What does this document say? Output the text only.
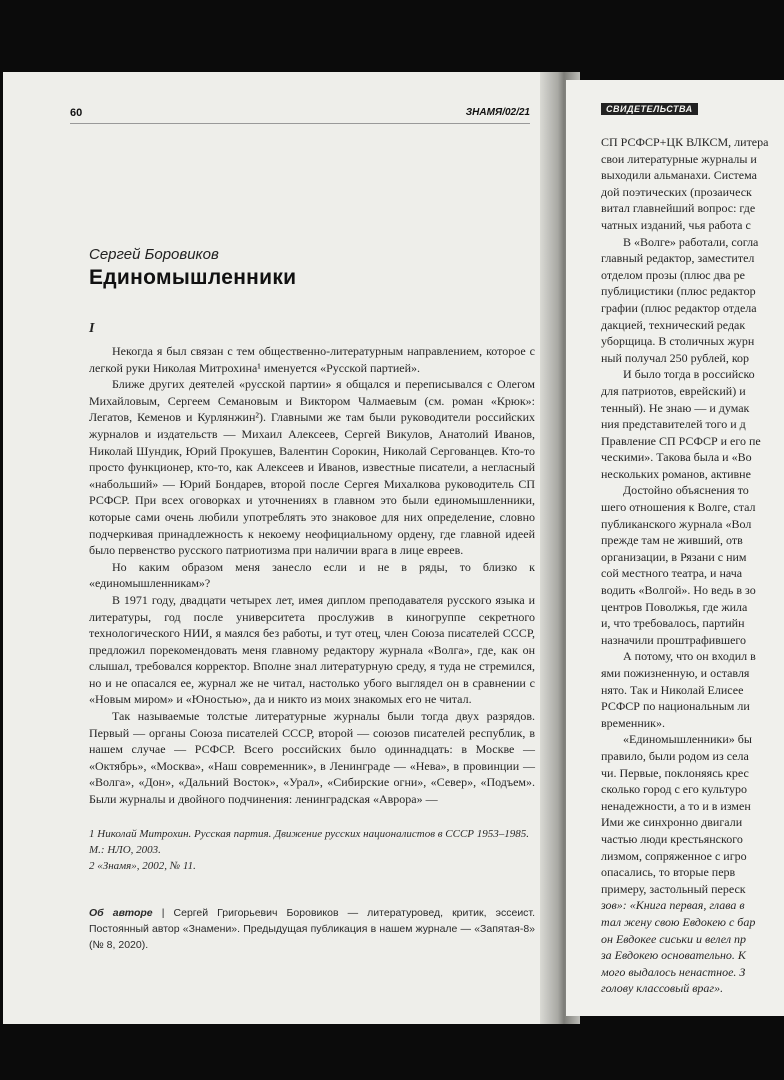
60	ЗНАМЯ/02/21
Сергей Боровиков
Единомышленники
I

Некогда я был связан с тем общественно-литературным направлением, которое с легкой руки Николая Митрохина¹ именуется «Русской партией».

Ближе других деятелей «русской партии» я общался и переписывался с Олегом Михайловым, Сергеем Семановым и Виктором Чалмаевым (см. роман «Крюк»: Легатов, Кеменов и Курлянжин²). Главными же там были руководители российских журналов и издательств — Михаил Алексеев, Сергей Викулов, Анатолий Иванов, Николай Шундик, Юрий Прокушев, Валентин Сорокин, Николай Сергованцев. Кто-то просто функционер, кто-то, как Алексеев и Иванов, известные писатели, а негласный «набольший» — Юрий Бондарев, второй после Сергея Михалкова руководитель СП РСФСР. При всех оговорках и уточнениях в главном это были единомышленники, которые сами очень любили употреблять это знаковое для них определение, словно подчеркивая принадлежность к некоему неофициальному ордену, где главной идеей было первенство русского патриотизма при наличии врага в лице евреев.

Но каким образом меня занесло если и не в ряды, то близко к «единомышленникам»?

В 1971 году, двадцати четырех лет, имея диплом преподавателя русского языка и литературы, год после университета прослужив в киногруппе секретного технологического НИИ, я маялся без работы, и тут отец, член Союза писателей СССР, предложил порекомендовать меня главному редактору журнала «Волга», где, как он слышал, требовался корректор. Вполне знал литературную среду, я туда не стремился, но и не опасался ее, журнал же не читал, настолько убого выглядел он в сравнении с «Новым миром» и «Юностью», да и никто из моих знакомых его не читал.

Так называемые толстые литературные журналы были тогда двух разрядов. Первый — органы Союза писателей СССР, второй — союзов писателей республик, в нашем случае — РСФСР. Всего российских было одиннадцать: в Москве — «Октябрь», «Москва», «Наш современник», в Ленинграде — «Нева», в провинции — «Волга», «Дон», «Дальний Восток», «Урал», «Сибирские огни», «Север», «Подъем». Были журналы и двойного подчинения: ленинградская «Аврора» —

1 Николай Митрохин. Русская партия. Движение русских националистов в СССР 1953–1985. М.: НЛО, 2003.
2 «Знамя», 2002, № 11.
Об авторе | Сергей Григорьевич Боровиков — литературовед, критик, эссеист. Постоянный автор «Знамени». Предыдущая публикация в нашем журнале — «Запятая-8» (№ 8, 2020).
СВИДЕТЕЛЬСТВА
СП РСФСР+ЦК ВЛКСМ, литера
свои литературные журналы и
выходили альманахи. Система
дой поэтических (прозаическ
витал главнейший вопрос: где
чатных изданий, чья работа с
В «Волге» работали, согла
главный редактор, заместител
отделом прозы (плюс два ре
публицистики (плюс редактор
графии (плюс редактор отдела
дакцией, технический редак
уборщица. В столичных журн
ный получал 250 рублей, кор
И было тогда в российско
для патриотов, еврейский) и
тенный). Не знаю — и думак
ния представителей того и д
Правление СП РСФСР и его пе
ческими». Такова была и «Во
нескольких романов, активне
Достойно объяснения то
шего отношения к Волге, стал
публиканского журнала «Вол
прежде там не живший, отв
организации, в Рязани с ним
сой местного театра, и нача
водить «Волгой». Но ведь в зо
центров Поволжья, где жила
и, что требовалось, партийн
назначили проштрафившего
А потому, что он входил в
ями пожизненную, и оставля
нято. Так и Николай Елисее
РСФСР по национальным ли
временник».
«Единомышленники» бы
правило, были родом из села
чи. Первые, поклоняясь крес
сколько город с его культуро
ненадежности, а то и в измен
Ими же синхронно двигали
частью люди крестьянского
лизмом, сопряженное с игро
опасались, то вторые перв
примеру, застольный переск
зов»: «Книга первая, глава в
тал жену свою Евдокею с бар
он Евдокее сиськи и велел пр
за Евдокею основательно. К
мого выдалось ненастное. З
голову классовый враг».
